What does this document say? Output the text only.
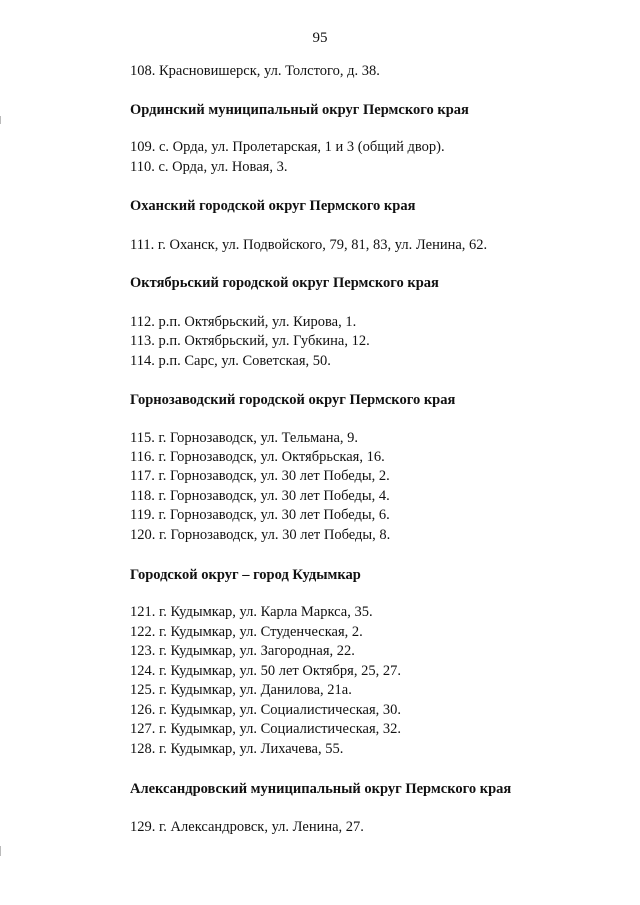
95
108. Красновишерск, ул. Толстого, д. 38.
Ординский муниципальный округ Пермского края
109. с. Орда, ул. Пролетарская, 1 и 3 (общий двор).
110. с. Орда, ул. Новая, 3.
Оханский городской округ Пермского края
111. г. Оханск, ул. Подвойского, 79, 81, 83, ул. Ленина, 62.
Октябрьский городской округ Пермского края
112. р.п. Октябрьский, ул. Кирова, 1.
113. р.п. Октябрьский, ул. Губкина, 12.
114. р.п. Сарс, ул. Советская, 50.
Горнозаводский городской округ Пермского края
115. г. Горнозаводск, ул. Тельмана, 9.
116. г. Горнозаводск, ул. Октябрьская, 16.
117. г. Горнозаводск, ул. 30 лет Победы, 2.
118. г. Горнозаводск, ул. 30 лет Победы, 4.
119. г. Горнозаводск, ул. 30 лет Победы, 6.
120. г. Горнозаводск, ул. 30 лет Победы, 8.
Городской округ – город Кудымкар
121. г. Кудымкар, ул. Карла Маркса, 35.
122. г. Кудымкар, ул. Студенческая, 2.
123. г. Кудымкар, ул. Загородная, 22.
124. г. Кудымкар, ул. 50 лет Октября, 25, 27.
125. г. Кудымкар, ул. Данилова, 21а.
126. г. Кудымкар, ул. Социалистическая, 30.
127. г. Кудымкар, ул. Социалистическая, 32.
128. г. Кудымкар, ул. Лихачева, 55.
Александровский муниципальный округ Пермского края
129. г. Александровск, ул. Ленина, 27.
